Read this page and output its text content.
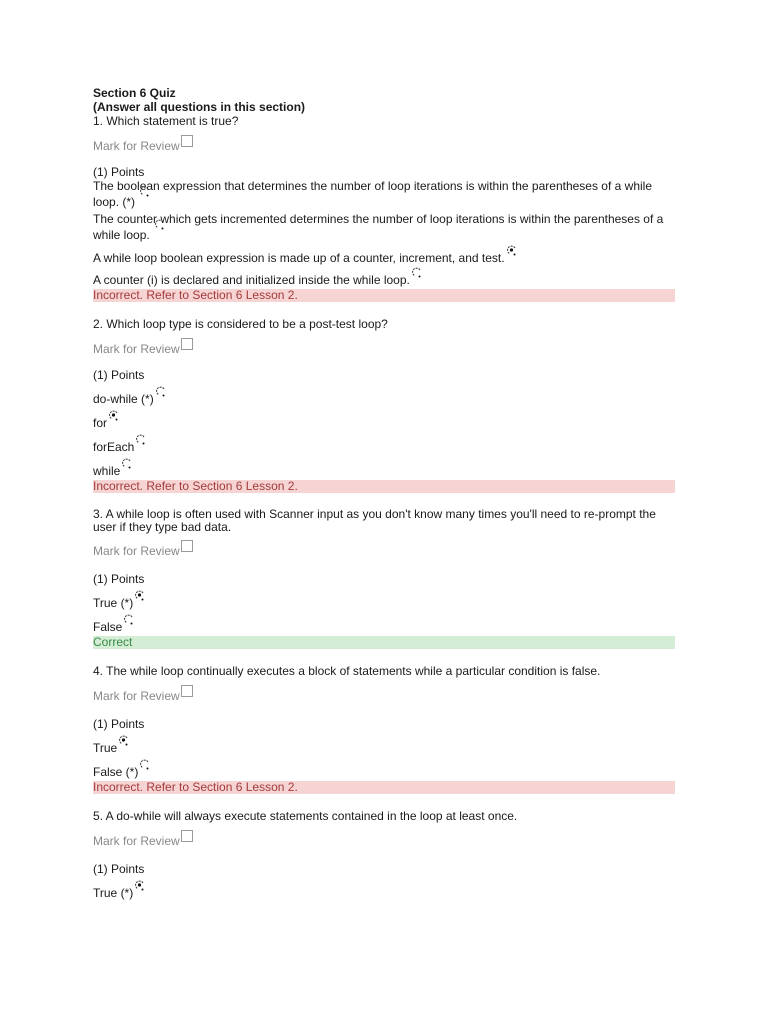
Section 6 Quiz
(Answer all questions in this section)
1. Which statement is true?
Mark for Review
(1) Points
The boolean expression that determines the number of loop iterations is within the parentheses of a while loop. (*)
The counter which gets incremented determines the number of loop iterations is within the parentheses of a while loop.
A while loop boolean expression is made up of a counter, increment, and test.
A counter (i) is declared and initialized inside the while loop.
Incorrect. Refer to Section 6 Lesson 2.
2. Which loop type is considered to be a post-test loop?
Mark for Review
(1) Points
do-while (*)
for
forEach
while
Incorrect. Refer to Section 6 Lesson 2.
3. A while loop is often used with Scanner input as you don't know many times you'll need to re-prompt the user if they type bad data.
Mark for Review
(1) Points
True (*)
False
Correct
4. The while loop continually executes a block of statements while a particular condition is false.
Mark for Review
(1) Points
True
False (*)
Incorrect. Refer to Section 6 Lesson 2.
5. A do-while will always execute statements contained in the loop at least once.
Mark for Review
(1) Points
True (*)
